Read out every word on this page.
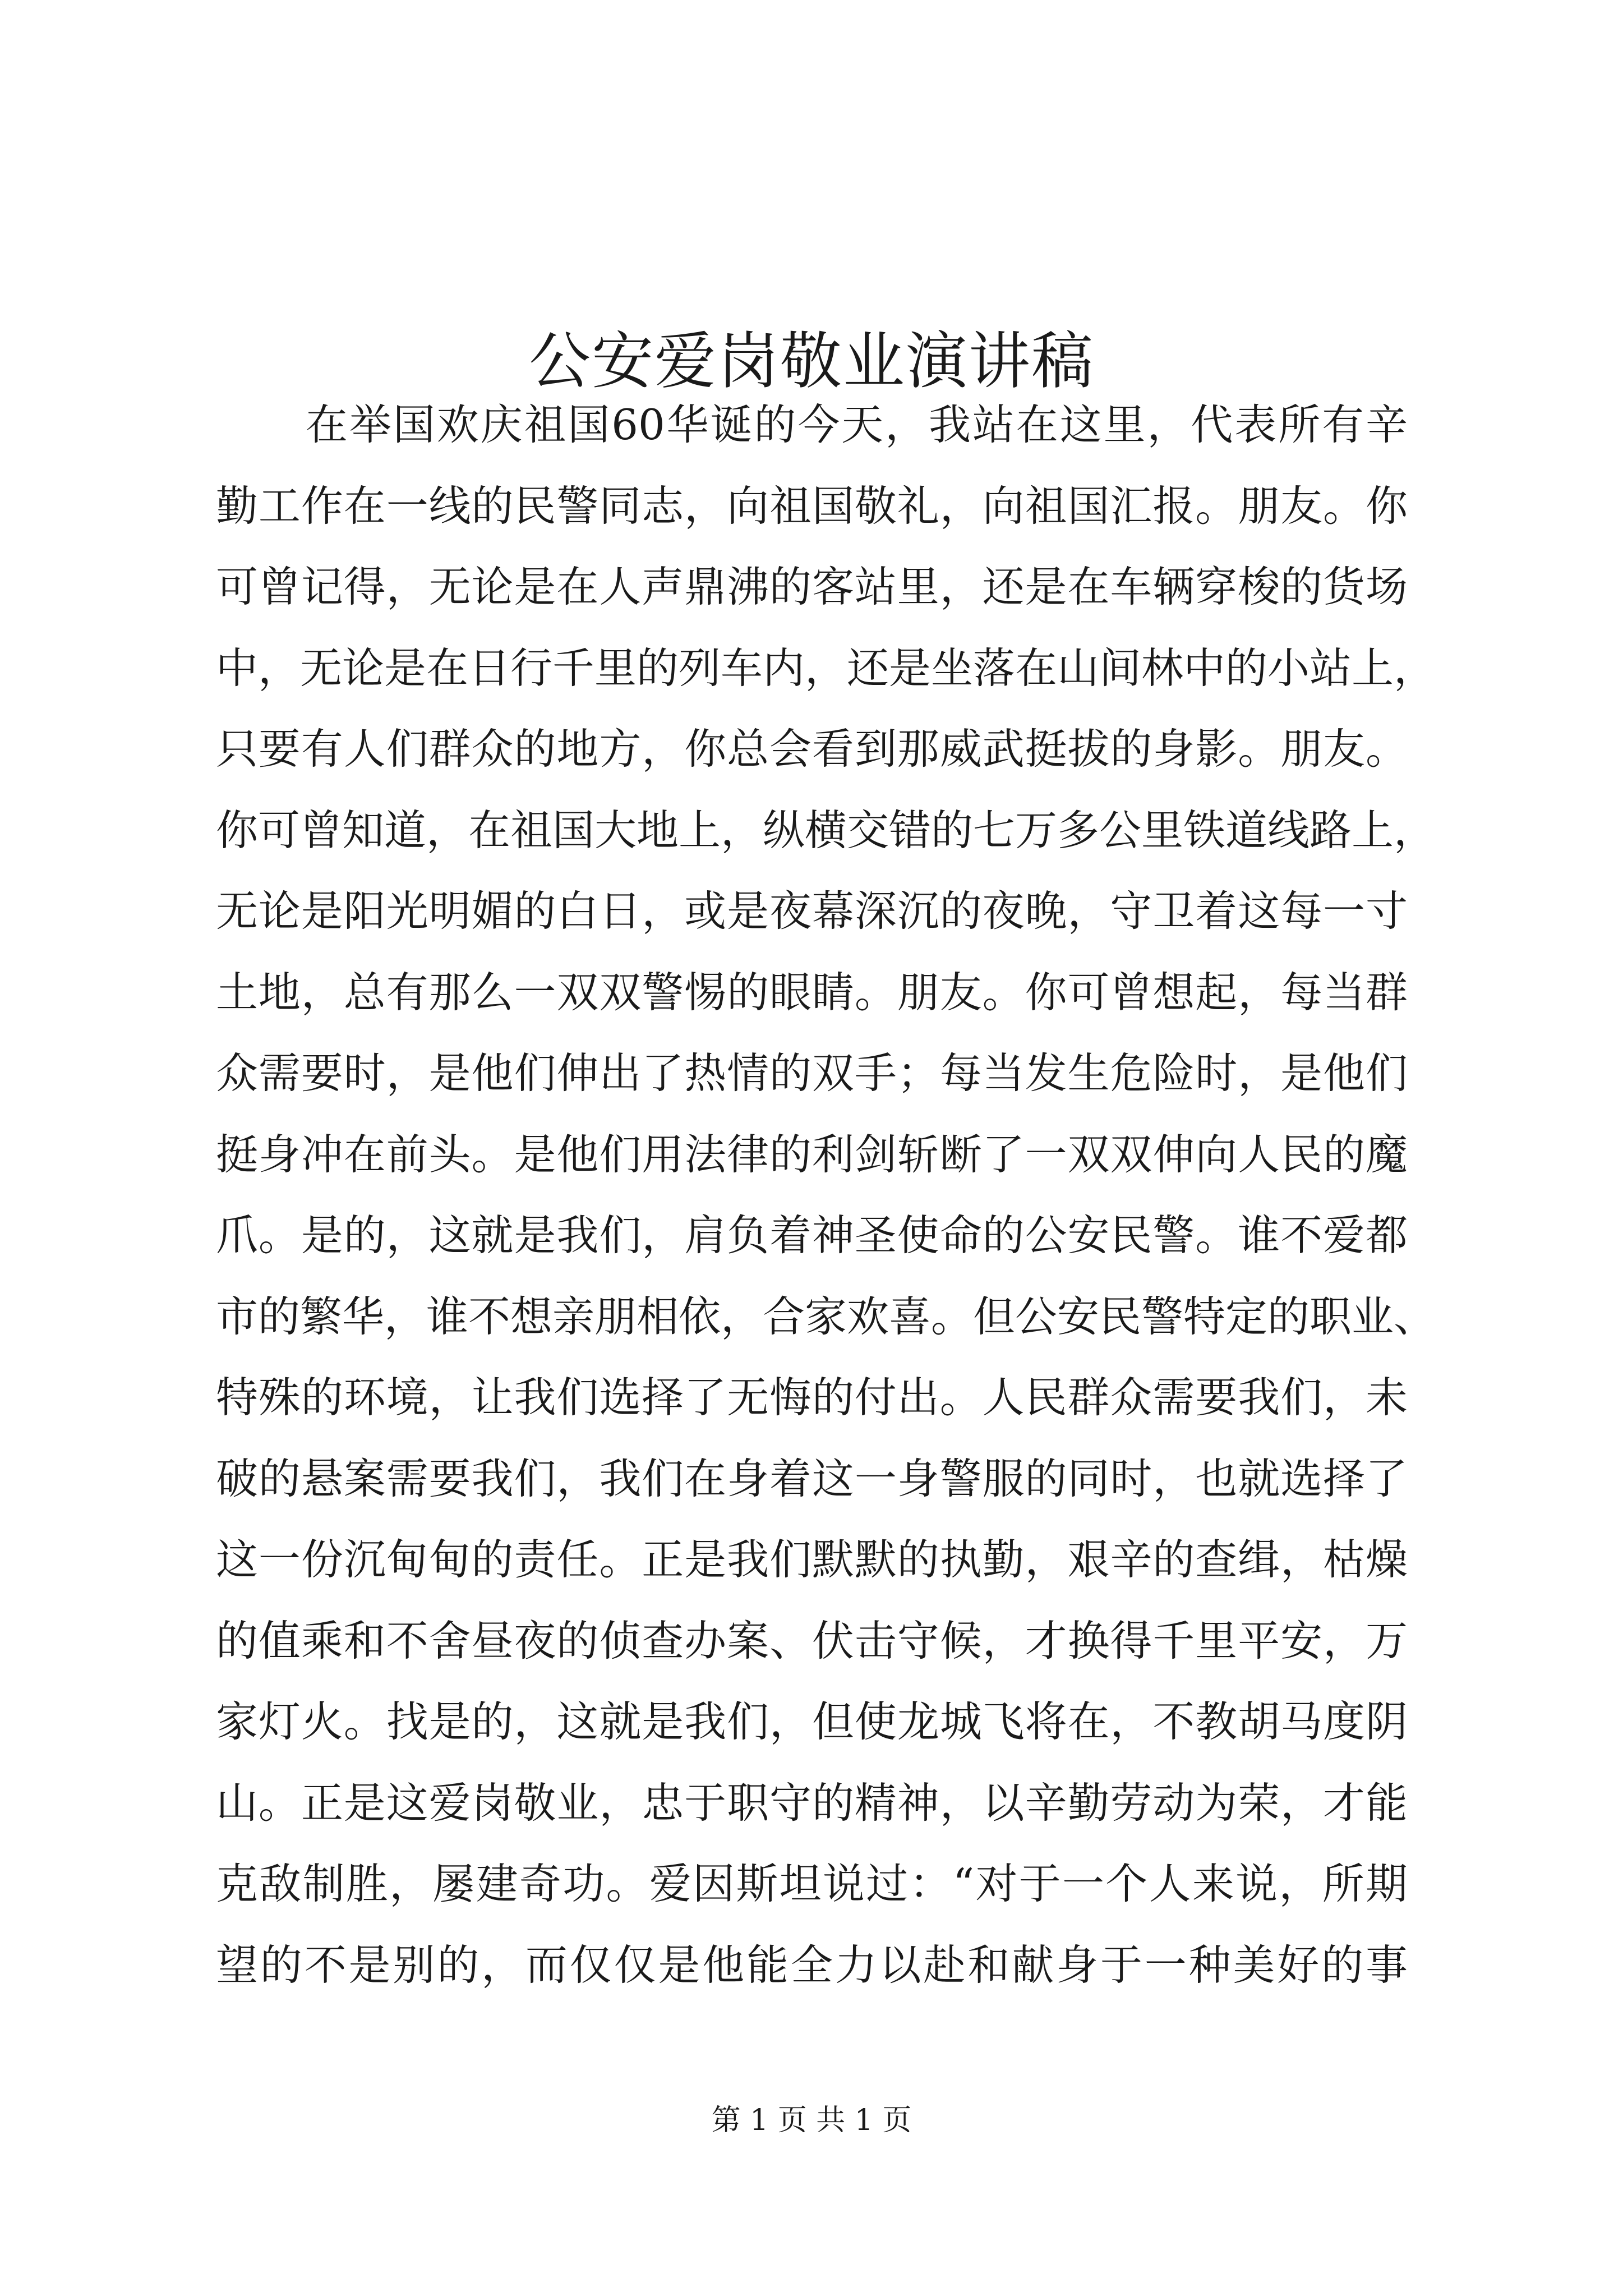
公安爱岗敬业演讲稿
在举国欢庆祖国60华诞的今天，我站在这里，代表所有辛
勤工作在一线的民警同志，向祖国敬礼，向祖国汇报。朋友。你
可曾记得，无论是在人声鼎沸的客站里，还是在车辆穿梭的货场
中，无论是在日行千里的列车内，还是坐落在山间林中的小站上，
只要有人们群众的地方，你总会看到那威武挺拔的身影。朋友。
你可曾知道，在祖国大地上，纵横交错的七万多公里铁道线路上，
无论是阳光明媚的白日，或是夜幕深沉的夜晚，守卫着这每一寸
土地，总有那么一双双警惕的眼睛。朋友。你可曾想起，每当群
众需要时，是他们伸出了热情的双手；每当发生危险时，是他们
挺身冲在前头。是他们用法律的利剑斩断了一双双伸向人民的魔
爪。是的，这就是我们，肩负着神圣使命的公安民警。谁不爱都
市的繁华，谁不想亲朋相依，合家欢喜。但公安民警特定的职业、
特殊的环境，让我们选择了无悔的付出。人民群众需要我们，未
破的悬案需要我们，我们在身着这一身警服的同时，也就选择了
这一份沉甸甸的责任。正是我们默默的执勤，艰辛的查缉，枯燥
的值乘和不舍昼夜的侦查办案、伏击守候，才换得千里平安，万
家灯火。找是的，这就是我们，但使龙城飞将在，不教胡马度阴
山。正是这爱岗敬业，忠于职守的精神，以辛勤劳动为荣，才能
克敌制胜，屡建奇功。爱因斯坦说过：“对于一个人来说，所期
望的不是别的，而仅仅是他能全力以赴和献身于一种美好的事
第 1 页 共 1 页
